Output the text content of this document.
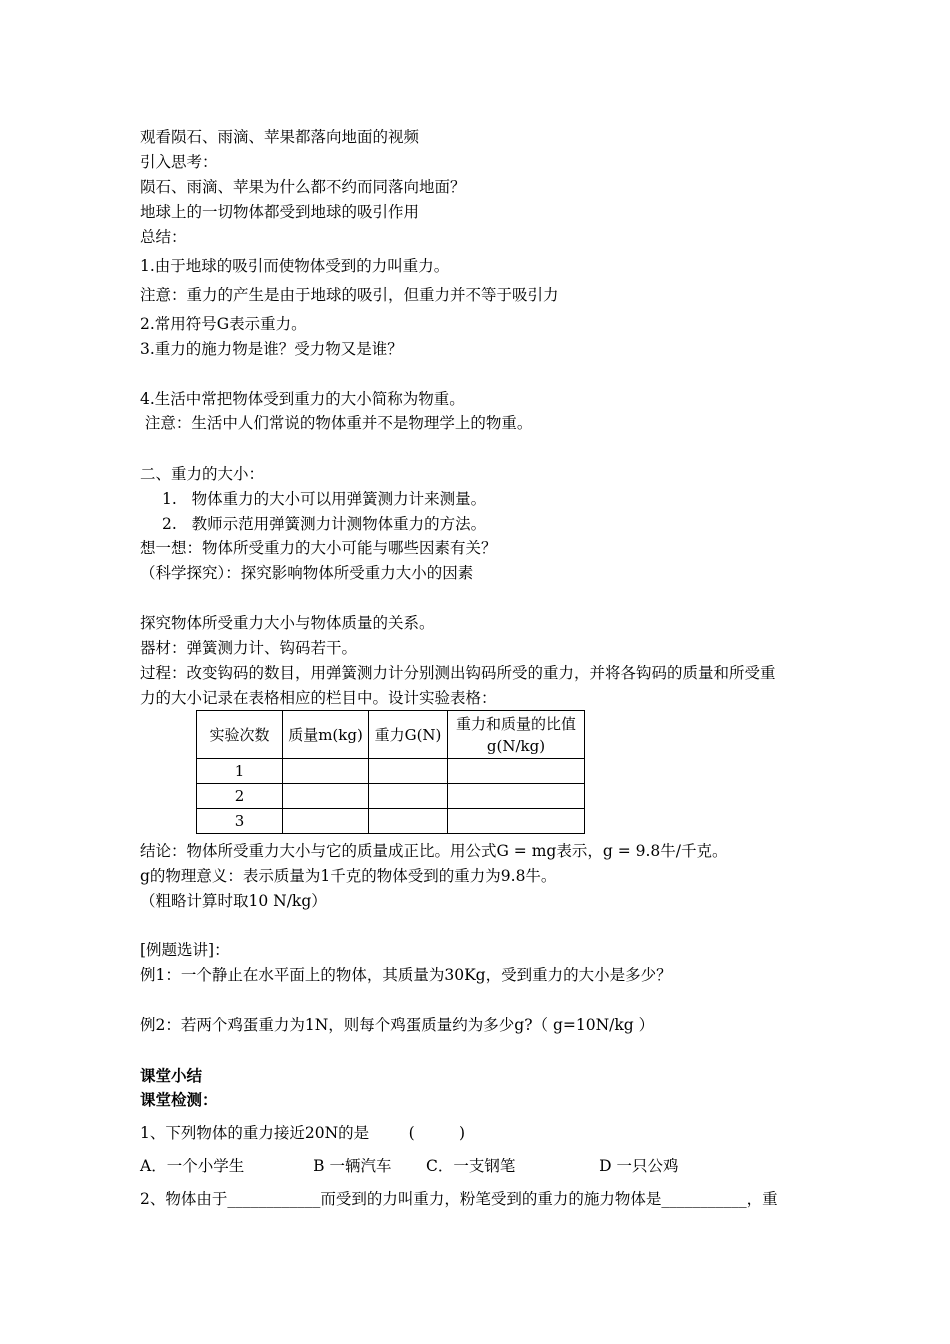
观看陨石、雨滴、苹果都落向地面的视频
引入思考：
陨石、雨滴、苹果为什么都不约而同落向地面？
地球上的一切物体都受到地球的吸引作用
总结：
1.由于地球的吸引而使物体受到的力叫重力。
注意：重力的产生是由于地球的吸引，但重力并不等于吸引力
2.常用符号G表示重力。
3.重力的施力物是谁？受力物又是谁？
4.生活中常把物体受到重力的大小简称为物重。
注意：生活中人们常说的物体重并不是物理学上的物重。
二、重力的大小：
1.   物体重力的大小可以用弹簧测力计来测量。
2.   教师示范用弹簧测力计测物体重力的方法。
想一想：物体所受重力的大小可能与哪些因素有关？
（科学探究）：探究影响物体所受重力大小的因素
探究物体所受重力大小与物体质量的关系。
器材：弹簧测力计、钩码若干。
过程：改变钩码的数目，用弹簧测力计分别测出钩码所受的重力，并将各钩码的质量和所受重
力的大小记录在表格相应的栏目中。设计实验表格：
实验次数	质量m(kg)	重力G(N)	重力和质量的比值
g(N/kg)

1			
2			
3			
结论：物体所受重力大小与它的质量成正比。用公式G = mg表示，g = 9.8牛/千克。
g的物理意义：表示质量为1千克的物体受到的重力为9.8牛。
（粗略计算时取10 N/kg）
[例题选讲]：
例1：一个静止在水平面上的物体，其质量为30Kg，受到重力的大小是多少？
例2：若两个鸡蛋重力为1N，则每个鸡蛋质量约为多少g?（ g=10N/kg ）
课堂小结
课堂检测：
1、下列物体的重力接近20N的是        (         )
A．一个小学生              B 一辆汽车       C．一支钢笔                 D 一只公鸡
2、物体由于____________而受到的力叫重力，粉笔受到的重力的施力物体是___________，重
